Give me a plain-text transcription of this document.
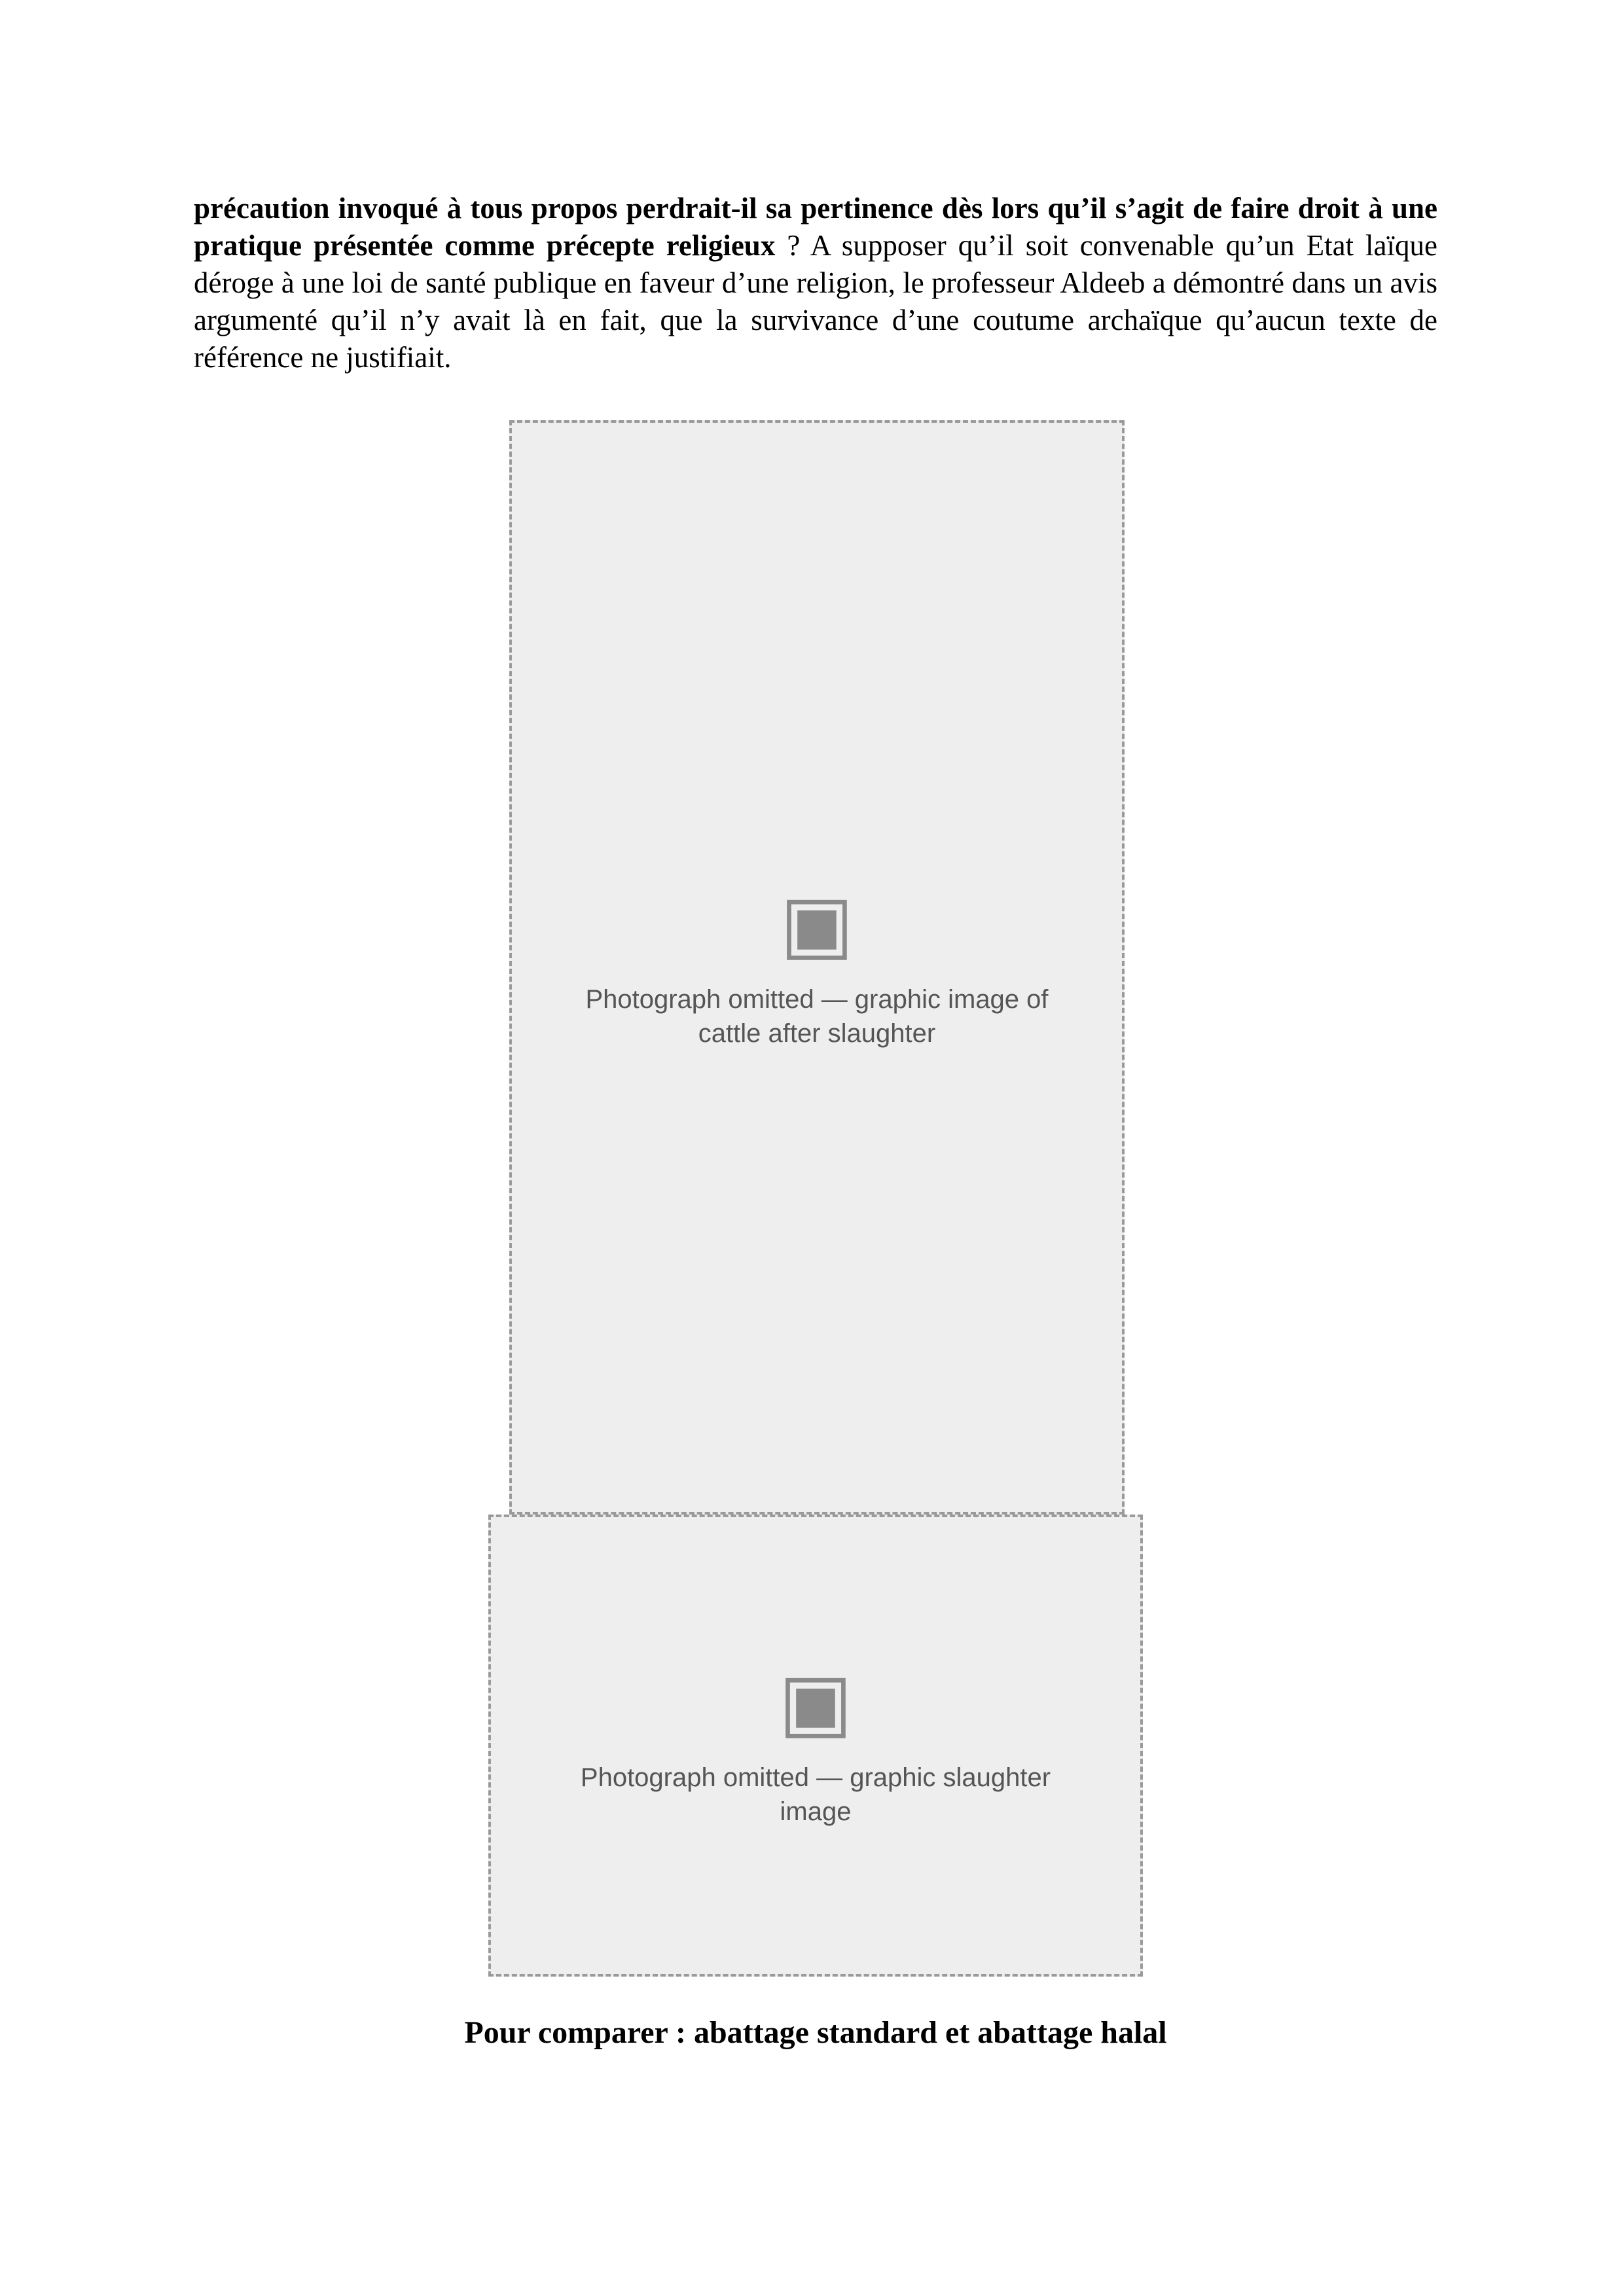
précaution invoqué à tous propos perdrait-il sa pertinence dès lors qu’il s’agit de faire droit à une pratique présentée comme précepte religieux ? A supposer qu’il soit convenable qu’un Etat laïque déroge à une loi de santé publique en faveur d’une religion, le professeur Aldeeb a démontré dans un avis argumenté qu’il n’y avait là en fait, que la survivance d’une coutume archaïque qu’aucun texte de référence ne justifiait.

▣
Photograph omitted — graphic image of cattle after slaughter
▣
Photograph omitted — graphic slaughter image

Pour comparer : abattage standard et abattage halal
